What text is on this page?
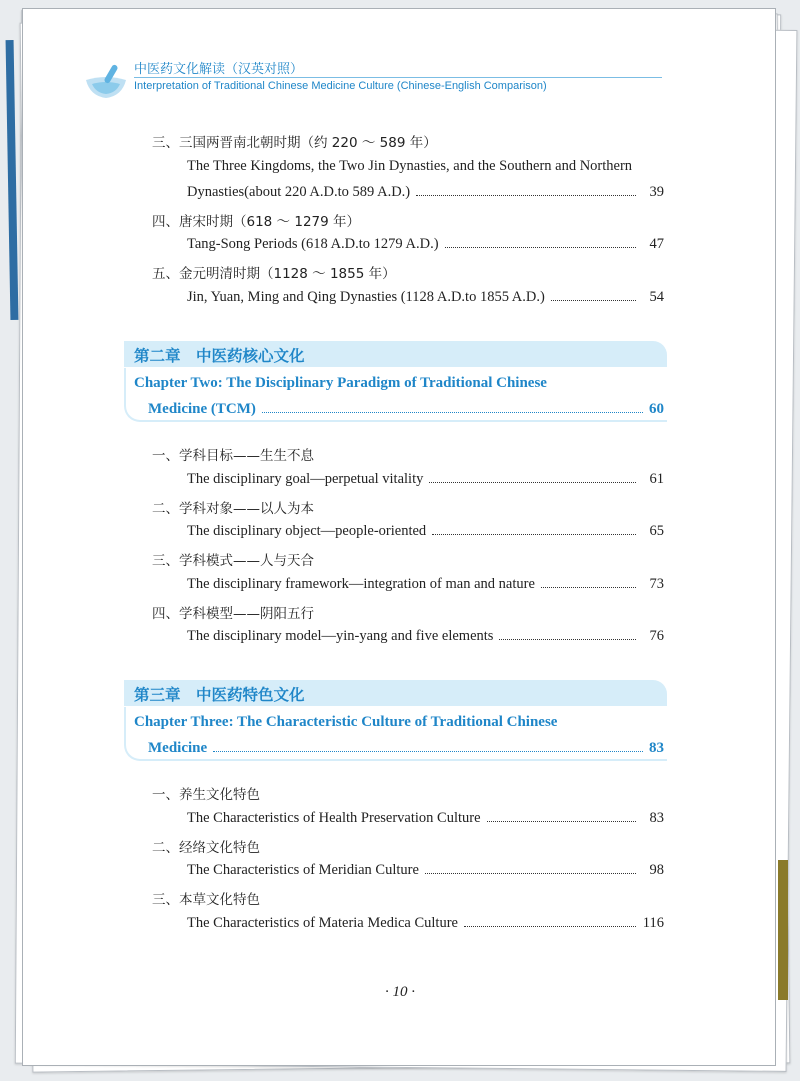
中医药文化解读（汉英对照）
Interpretation of Traditional Chinese Medicine Culture (Chinese-English Comparison)
三、三国两晋南北朝时期（约 220 ～ 589 年）
The Three Kingdoms, the Two Jin Dynasties, and the Southern and Northern
Dynasties(about 220 A.D.to 589 A.D.)	39
四、唐宋时期（618 ～ 1279 年）
Tang-Song Periods (618 A.D.to 1279 A.D.)	47
五、金元明清时期（1128 ～ 1855 年）
Jin, Yuan, Ming and Qing Dynasties (1128 A.D.to 1855 A.D.)	54
第二章　中医药核心文化
Chapter Two: The Disciplinary Paradigm of Traditional Chinese
Medicine (TCM)	60
一、学科目标——生生不息
The disciplinary goal—perpetual vitality	61
二、学科对象——以人为本
The disciplinary object—people-oriented	65
三、学科模式——人与天合
The disciplinary framework—integration of man and nature	73
四、学科模型——阴阳五行
The disciplinary model—yin-yang and five elements	76
第三章　中医药特色文化
Chapter Three: The Characteristic Culture of Traditional Chinese
Medicine	83
一、养生文化特色
The Characteristics of Health Preservation Culture	83
二、经络文化特色
The Characteristics of Meridian Culture	98
三、本草文化特色
The Characteristics of Materia Medica Culture	116
· 10 ·
